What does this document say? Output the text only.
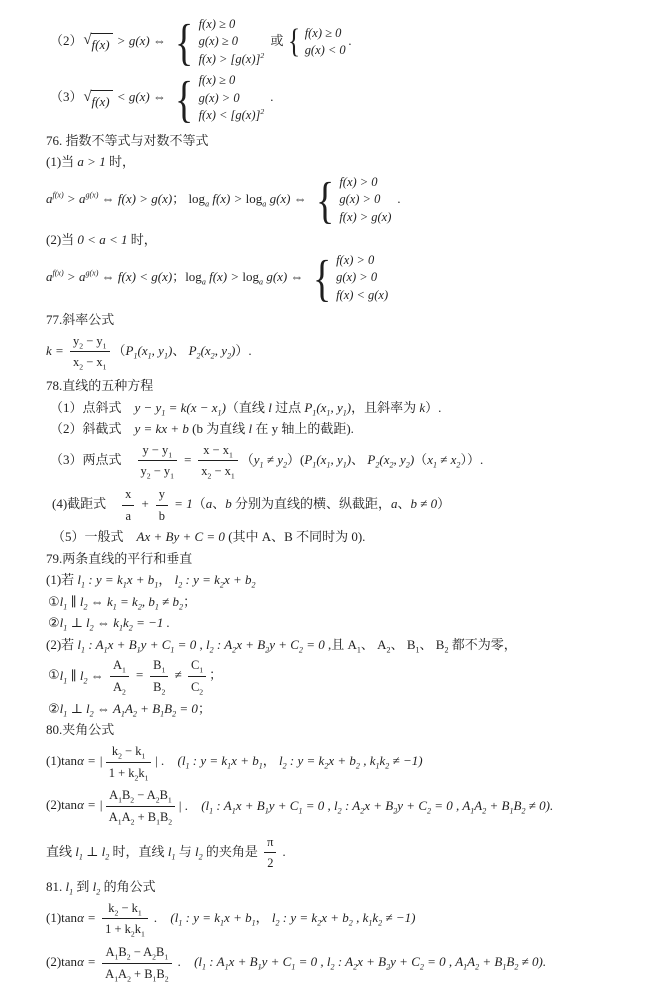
（2） √ f(x) > g(x) ⇔ { f(x) ≥ 0
g(x) ≥ 0
$f(x) > [g(x)]^2$
或 { f(x) ≥ 0
g(x) < 0
.
（3） √ f(x) < g(x) ⇔ { f(x) ≥ 0
g(x) > 0
$f(x) < [g(x)]^2$
.
76. 指数不等式与对数不等式
(1)当 a > 1 时，
$a^{f(x)} > a^{g(x)}$ ⇔ f(x) > g(x)； $\log_a f(x) > \log_a g(x)$ ⇔ { f(x) > 0
g(x) > 0
f(x) > g(x)
.
(2)当 0 < a < 1 时，
$a^{f(x)} > a^{g(x)}$ ⇔ f(x) < g(x)；$\log_a f(x) > \log_a g(x)$ ⇔ { f(x) > 0
g(x) > 0
f(x) < g(x)
77.斜率公式
$k = \frac{y_2 - y_1}{x_2 - x_1} (P_1(x_1$, $y_1$)、 $P_2(x_2$, $y_2$)）.
78.直线的五种方程
（1）点斜式　$y - y_1 = k(x - x_1)$（直线 l 过点 $P_1(x_1$, $y_1$)，且斜率为 k）.
（2）斜截式　y = kx + b (b 为直线 l 在 y 轴上的截距).
（3）两点式　 $\frac{y - y_1}{y_2 - y_1} = \frac{x - x_1}{x_2 - x_1} (y_1 \ne y_2)(P_1(x_1$, $y_1$)、 $P_2(x_2$, $y_2)(x_1 \ne x_2)$）.
(4)截距式　 $\frac{x}{a} + \frac{y}{b} = 1(a$、b 分别为直线的横、纵截距，a、b ≠ 0）
（5）一般式　Ax + By + C = 0 (其中 A、B 不同时为 0).
79.两条直线的平行和垂直
(1)若 $l_1$ : $y = k_1x + b_1$， $l_2$ : $y = k_2x + b_2$
$①l_1$ ∥ $l_2$ ⇔ $k_1 = k_2$, $b_1 \ne b_2$；
$②l_1$ ⊥ $l_2$ ⇔ $k_1k_2 = -1$ .
(2)若 $l_1$ : $A_1x + B_1y + C_1 = 0$ , $l_2$ : $A_2x + B_2y + C_2 = 0$ ,且 $A_1$、 $A_2$、 $B_1$、 $B_2$ 都不为零，
$①l_1$ ∥ $l_2$ ⇔ $\frac{A_1}{A_2} = \frac{B_1}{B_2} \ne \frac{C_1}{C_2}$ ；
$②l_1$ ⊥ $l_2$ ⇔ $A_1A_2 + B_1B_2 = 0$；
80.夹角公式
(1)tanα = | $\frac{k_2 - k_1}{1 + k_2k_1}$ | .　($l_1$ : $y = k_1x + b_1$， $l_2$ : $y = k_2x + b_2$ , $k_1k_2 \ne -1$)
(2)tanα = | $\frac{A_1B_2 - A_2B_1}{A_1A_2 + B_1B_2}$ | .　($l_1$ : $A_1x + B_1y + C_1 = 0$ , $l_2$ : $A_2x + B_2y + C_2 = 0$ , $A_1A_2 + B_1B_2 \ne 0$).
直线 $l_1$ ⊥ $l_2$ 时，直线 $l_1$ 与 $l_2$ 的夹角是 $\frac{\pi}{2}$ .
81. $l_1$ 到 $l_2$ 的角公式
$(1)\tan\alpha = \frac{k_2 - k_1}{1 + k_2k_1}$ .　($l_1$ : $y = k_1x + b_1$， $l_2$ : $y = k_2x + b_2$ , $k_1k_2 \ne -1$)
$(2)\tan\alpha = \frac{A_1B_2 - A_2B_1}{A_1A_2 + B_1B_2}$ .　($l_1$ : $A_1x + B_1y + C_1 = 0$ , $l_2$ : $A_2x + B_2y + C_2 = 0$ , $A_1A_2 + B_1B_2 \ne 0$).
